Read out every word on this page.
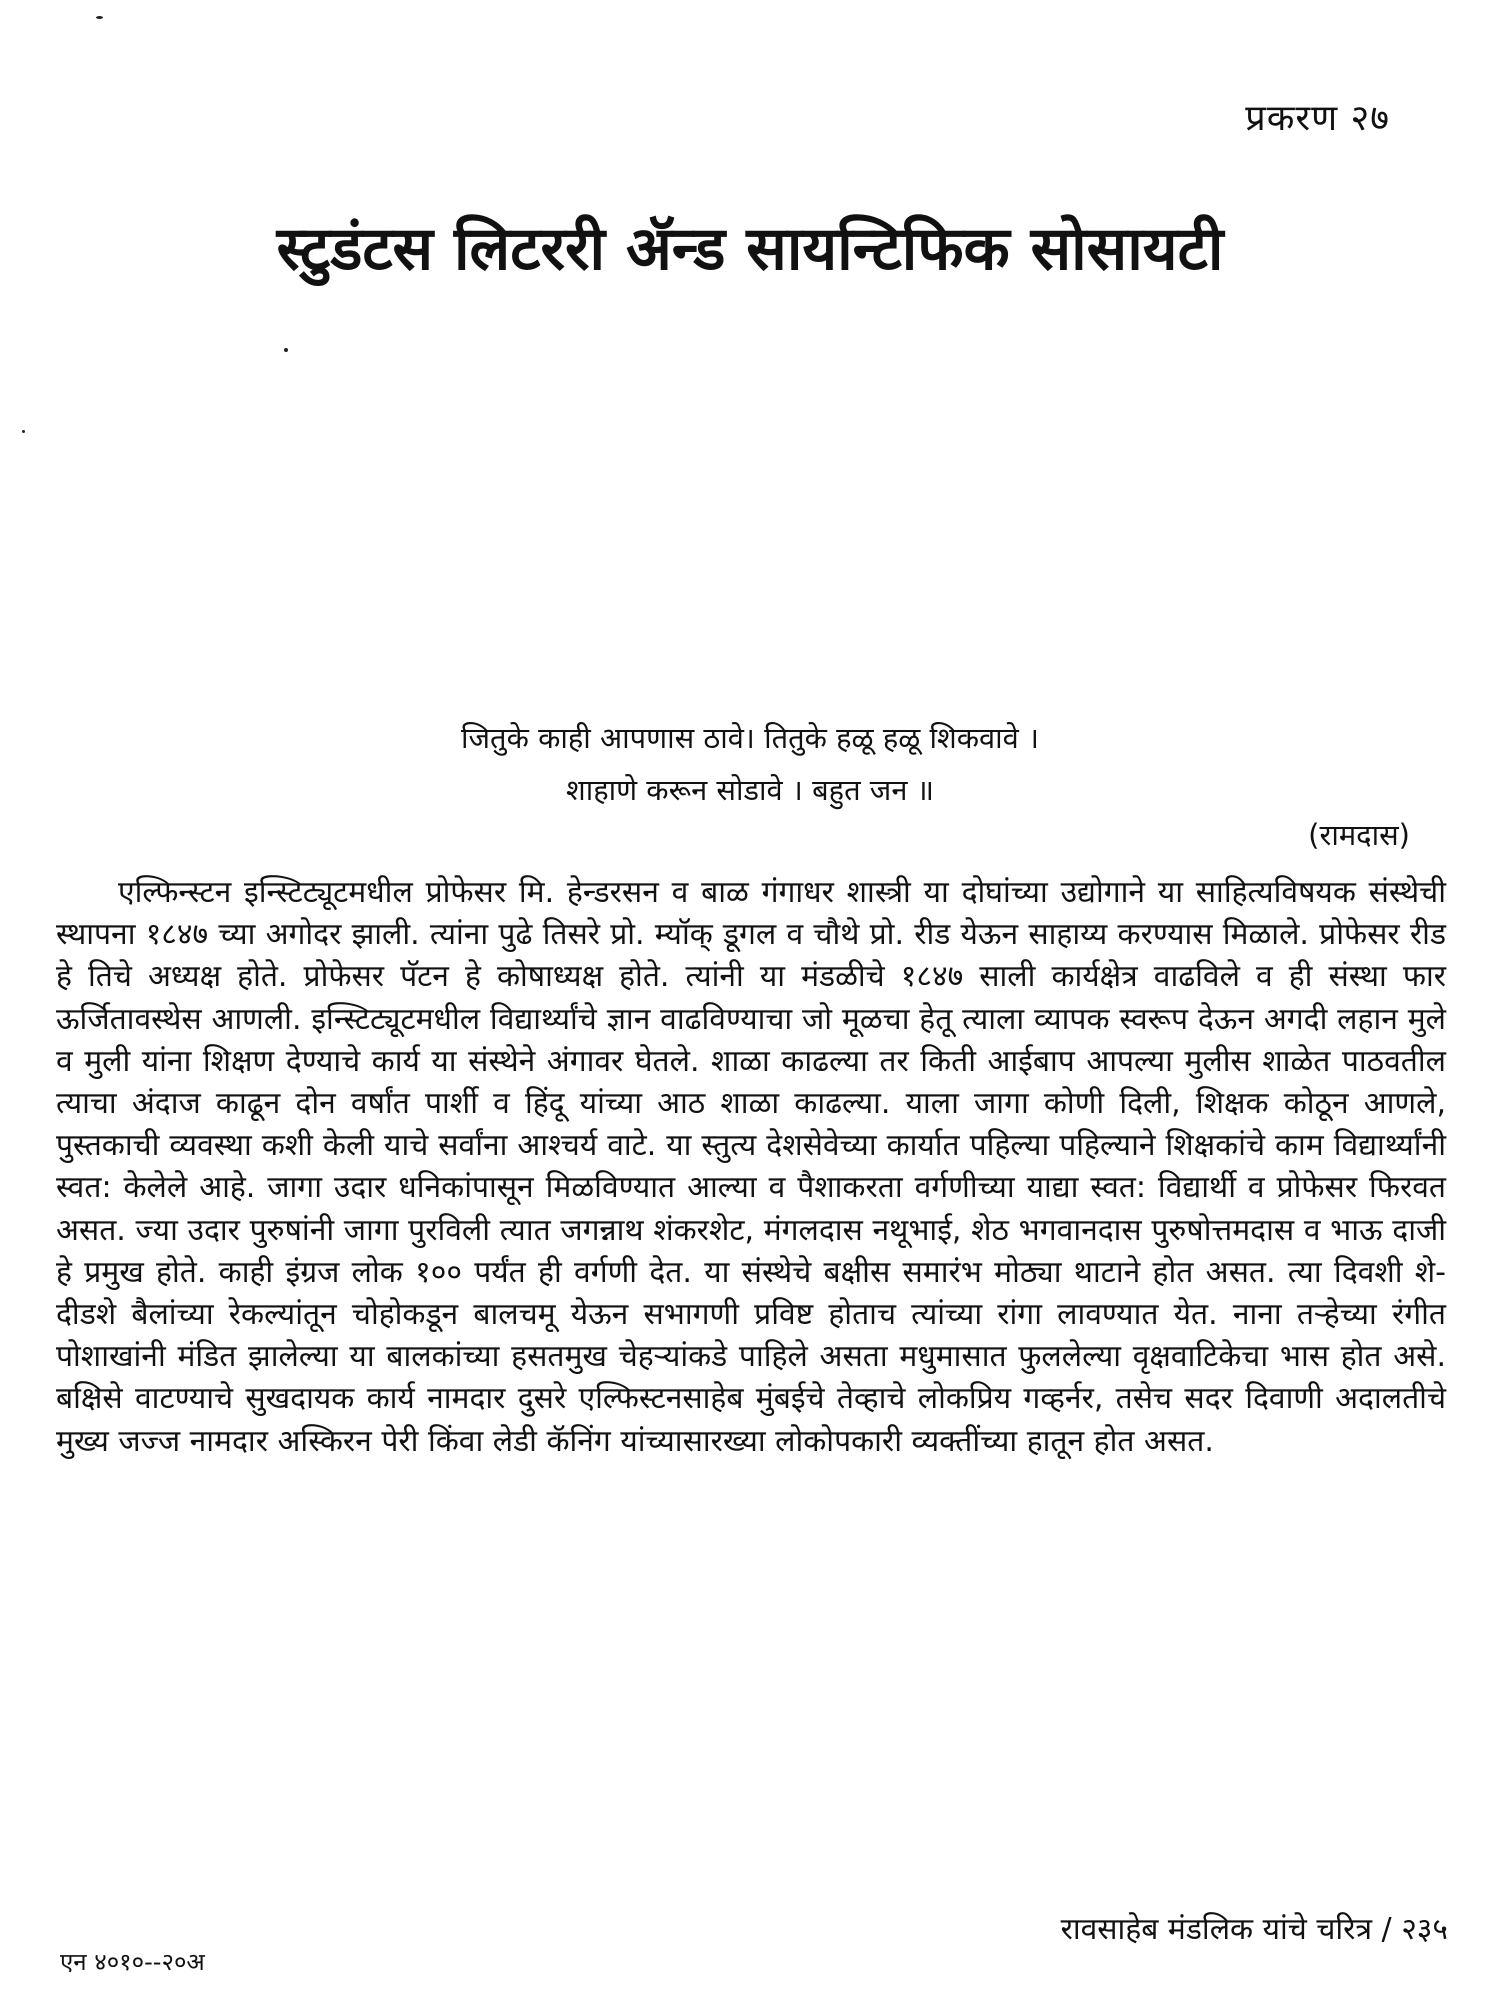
प्रकरण २७
स्टुडंटस लिटररी ॲन्ड सायन्टिफिक सोसायटी
जितुके काही आपणास ठावे। तितुके हळू हळू शिकवावे ।
शाहाणे करून सोडावे । बहुत जन ॥
(रामदास)

एल्फिन्स्टन इन्स्टिट्यूटमधील प्रोफेसर मि. हेन्डरसन व बाळ गंगाधर शास्त्री या दोघांच्या उद्योगाने या साहित्यविषयक संस्थेची स्थापना १८४७ च्या अगोदर झाली. त्यांना पुढे तिसरे प्रो. म्यॉक् डूगल व चौथे प्रो. रीड येऊन साहाय्य करण्यास मिळाले. प्रोफेसर रीड हे तिचे अध्यक्ष होते. प्रोफेसर पॅटन हे कोषाध्यक्ष होते. त्यांनी या मंडळीचे १८४७ साली कार्यक्षेत्र वाढविले व ही संस्था फार ऊर्जितावस्थेस आणली. इन्स्टिट्यूटमधील विद्यार्थ्यांचे ज्ञान वाढविण्याचा जो मूळचा हेतू त्याला व्यापक स्वरूप देऊन अगदी लहान मुले व मुली यांना शिक्षण देण्याचे कार्य या संस्थेने अंगावर घेतले. शाळा काढल्या तर किती आईबाप आपल्या मुलीस शाळेत पाठवतील त्याचा अंदाज काढून दोन वर्षांत पार्शी व हिंदू यांच्या आठ शाळा काढल्या. याला जागा कोणी दिली, शिक्षक कोठून आणले, पुस्तकाची व्यवस्था कशी केली याचे सर्वांना आश्चर्य वाटे. या स्तुत्य देशसेवेच्या कार्यात पहिल्या पहिल्याने शिक्षकांचे काम विद्यार्थ्यांनी स्वत: केलेले आहे. जागा उदार धनिकांपासून मिळविण्यात आल्या व पैशाकरता वर्गणीच्या याद्या स्वत: विद्यार्थी व प्रोफेसर फिरवत असत. ज्या उदार पुरुषांनी जागा पुरविली त्यात जगन्नाथ शंकरशेट, मंगलदास नथूभाई, शेठ भगवानदास पुरुषोत्तमदास व भाऊ दाजी हे प्रमुख होते. काही इंग्रज लोक १०० पर्यंत ही वर्गणी देत. या संस्थेचे बक्षीस समारंभ मोठ्या थाटाने होत असत. त्या दिवशी शे-दीडशे बैलांच्या रेकल्यांतून चोहोकडून बालचमू येऊन सभागणी प्रविष्ट होताच त्यांच्या रांगा लावण्यात येत. नाना तऱ्हेच्या रंगीत पोशाखांनी मंडित झालेल्या या बालकांच्या हसतमुख चेहऱ्यांकडे पाहिले असता मधुमासात फुललेल्या वृक्षवाटिकेचा भास होत असे. बक्षिसे वाटण्याचे सुखदायक कार्य नामदार दुसरे एल्फिस्टनसाहेब मुंबईचे तेव्हाचे लोकप्रिय गव्हर्नर, तसेच सदर दिवाणी अदालतीचे मुख्य जज्ज नामदार अस्किरन पेरी किंवा लेडी कॅनिंग यांच्यासारख्या लोकोपकारी व्यक्तींच्या हातून होत असत.

रावसाहेब मंडलिक यांचे चरित्र / २३५
एन ४०१०--२०अ
